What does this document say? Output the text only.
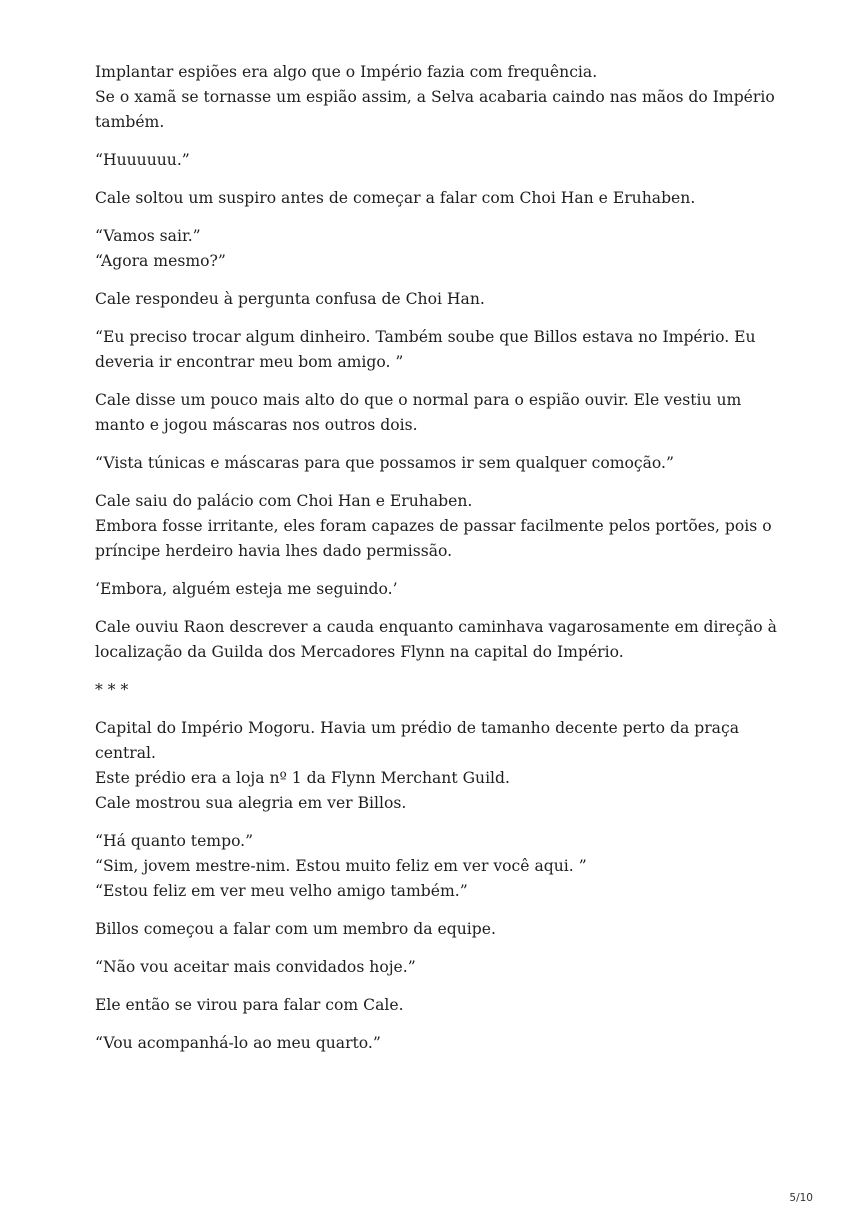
Implantar espiões era algo que o Império fazia com frequência.
Se o xamã se tornasse um espião assim, a Selva acabaria caindo nas mãos do Império também.

“Huuuuuu.”

Cale soltou um suspiro antes de começar a falar com Choi Han e Eruhaben.

“Vamos sair.”
“Agora mesmo?”

Cale respondeu à pergunta confusa de Choi Han.

“Eu preciso trocar algum dinheiro. Também soube que Billos estava no Império. Eu deveria ir encontrar meu bom amigo. ”

Cale disse um pouco mais alto do que o normal para o espião ouvir. Ele vestiu um manto e jogou máscaras nos outros dois.

“Vista túnicas e máscaras para que possamos ir sem qualquer comoção.”

Cale saiu do palácio com Choi Han e Eruhaben.
Embora fosse irritante, eles foram capazes de passar facilmente pelos portões, pois o príncipe herdeiro havia lhes dado permissão.

‘Embora, alguém esteja me seguindo.’

Cale ouviu Raon descrever a cauda enquanto caminhava vagarosamente em direção à localização da Guilda dos Mercadores Flynn na capital do Império.

* * *

Capital do Império Mogoru. Havia um prédio de tamanho decente perto da praça central.
Este prédio era a loja nº 1 da Flynn Merchant Guild.
Cale mostrou sua alegria em ver Billos.

“Há quanto tempo.”
“Sim, jovem mestre-nim. Estou muito feliz em ver você aqui. ”
“Estou feliz em ver meu velho amigo também.”

Billos começou a falar com um membro da equipe.

“Não vou aceitar mais convidados hoje.”

Ele então se virou para falar com Cale.

“Vou acompanhá-lo ao meu quarto.”

5/10
